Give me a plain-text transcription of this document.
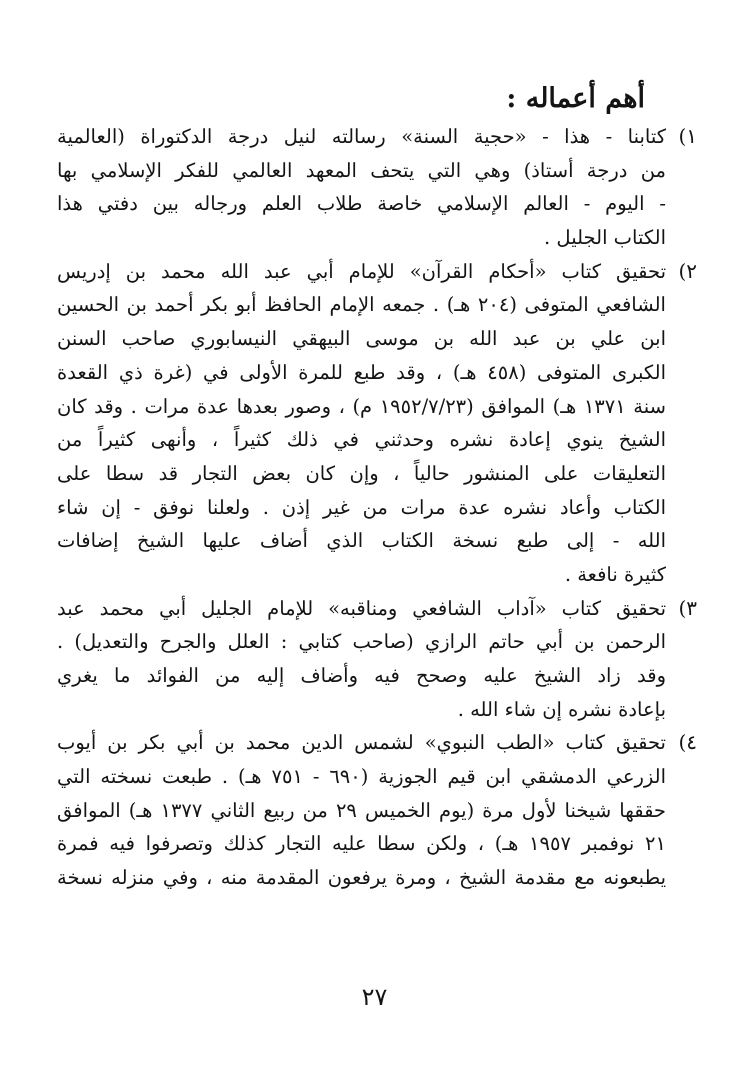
أهم أعماله :
١)
كتابنا - هذا - «حجية السنة» رسالته لنيل درجة الدكتوراة (العالمية
من درجة أستاذ) وهي التي يتحف المعهد العالمي للفكر الإسلامي بها
- اليوم - العالم الإسلامي خاصة طلاب العلم ورجاله بين دفتي هذا
الكتاب الجليل .
٢)
تحقيق كتاب «أحكام القرآن» للإمام أبي عبد الله محمد بن إدريس
الشافعي المتوفى (٢٠٤ هـ) . جمعه الإمام الحافظ أبو بكر أحمد بن الحسين
ابن علي بن عبد الله بن موسى البيهقي النيسابوري صاحب السنن
الكبرى المتوفى (٤٥٨ هـ) ، وقد طبع للمرة الأولى في (غرة ذي القعدة
سنة ١٣٧١ هـ) الموافق (١٩٥٢/٧/٢٣ م) ، وصور بعدها عدة مرات . وقد كان
الشيخ ينوي إعادة نشره وحدثني في ذلك كثيراً ، وأنهى كثيراً من
التعليقات على المنشور حالياً ، وإن كان بعض التجار قد سطا على
الكتاب وأعاد نشره عدة مرات من غير إذن . ولعلنا نوفق - إن شاء
الله - إلى طبع نسخة الكتاب الذي أضاف عليها الشيخ إضافات
كثيرة نافعة .
٣)
تحقيق كتاب «آداب الشافعي ومناقبه» للإمام الجليل أبي محمد عبد
الرحمن بن أبي حاتم الرازي (صاحب كتابي : العلل والجرح والتعديل) .
وقد زاد الشيخ عليه وصحح فيه وأضاف إليه من الفوائد ما يغري
بإعادة نشره إن شاء الله .
٤)
تحقيق كتاب «الطب النبوي» لشمس الدين محمد بن أبي بكر بن أيوب
الزرعي الدمشقي ابن قيم الجوزية (٦٩٠ - ٧٥١ هـ) . طبعت نسخته التي
حققها شيخنا لأول مرة (يوم الخميس ٢٩ من ربيع الثاني ١٣٧٧ هـ) الموافق
٢١ نوفمبر ١٩٥٧ هـ) ، ولكن سطا عليه التجار كذلك وتصرفوا فيه فمرة
يطبعونه مع مقدمة الشيخ ، ومرة يرفعون المقدمة منه ، وفي منزله نسخة
٢٧
